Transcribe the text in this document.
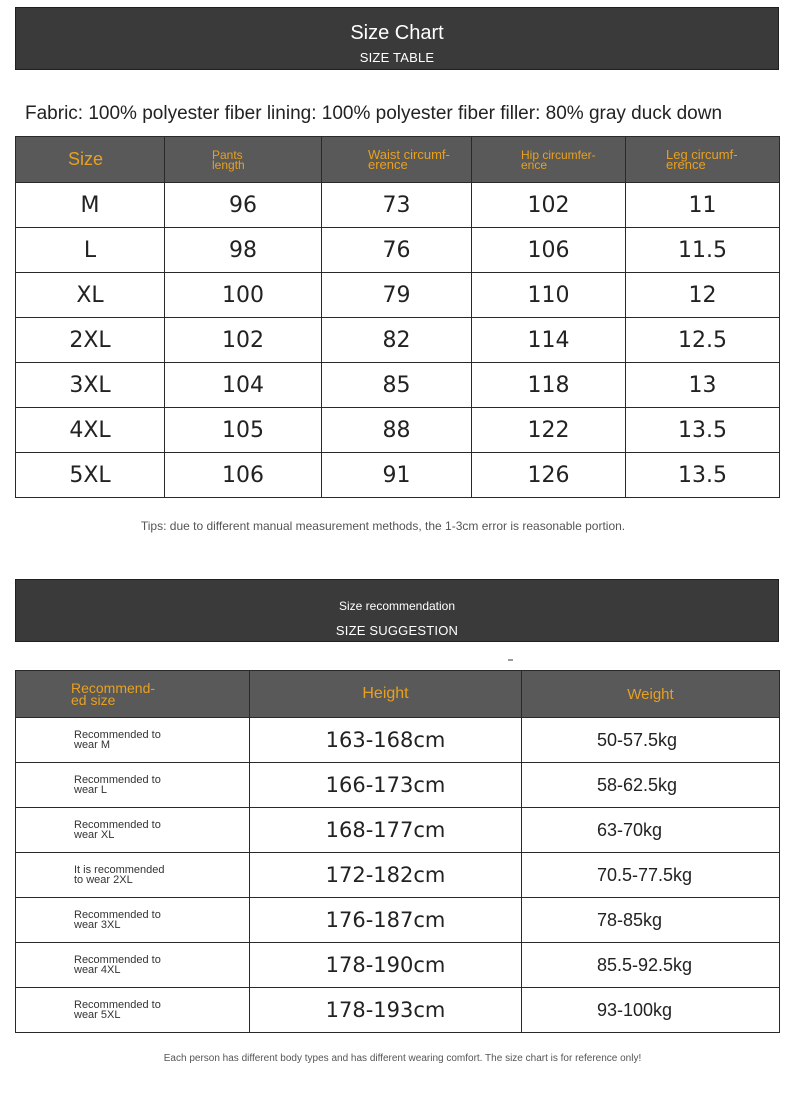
Size Chart
SIZE TABLE
Fabric: 100% polyester fiber lining: 100% polyester fiber filler: 80% gray duck down
Size	Pants length	Waist circumf-erence	Hip circumfer-ence	Leg circumf-erence

M	96	73	102	11
L	98	76	106	11.5
XL	100	79	110	12
2XL	102	82	114	12.5
3XL	104	85	118	13
4XL	105	88	122	13.5
5XL	106	91	126	13.5
Tips: due to different manual measurement methods, the 1-3cm error is reasonable portion.
Size recommendation
SIZE SUGGESTION
Recommend-ed size	Height	Weight
Recommended to wear M	163-168cm	50-57.5kg
Recommended to wear L	166-173cm	58-62.5kg
Recommended to wear XL	168-177cm	63-70kg
It is recommended to wear 2XL	172-182cm	70.5-77.5kg
Recommended to wear 3XL	176-187cm	78-85kg
Recommended to wear 4XL	178-190cm	85.5-92.5kg
Recommended to wear 5XL	178-193cm	93-100kg
Each person has different body types and has different wearing comfort. The size chart is for reference only!
